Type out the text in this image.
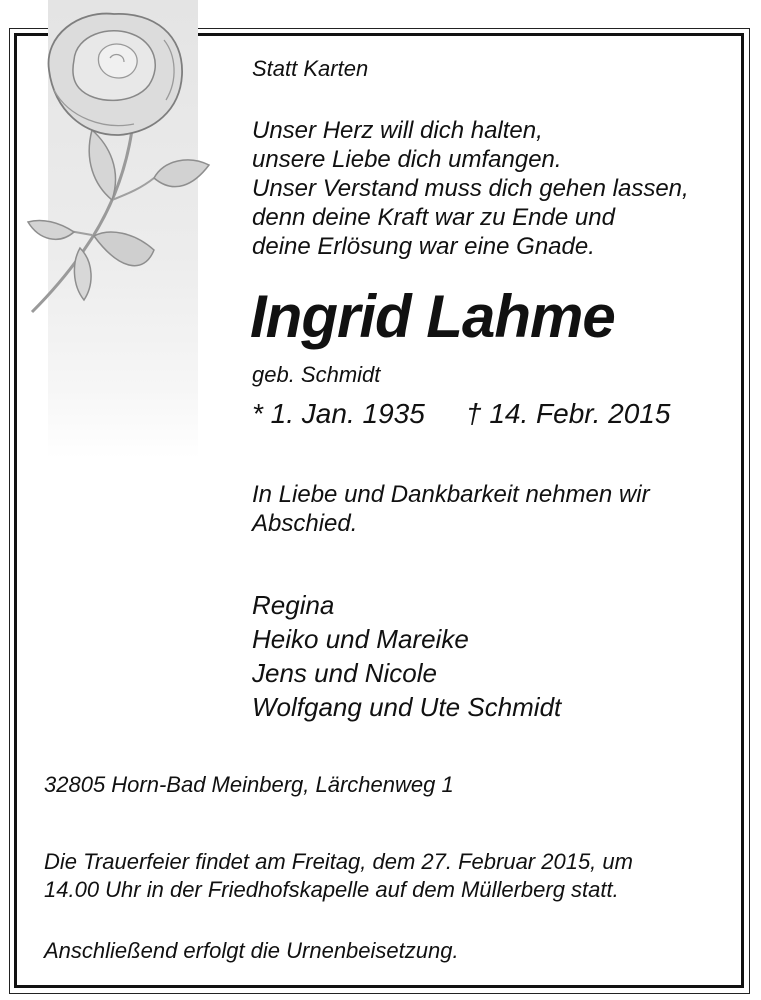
Statt Karten

Unser Herz will dich halten,
unsere Liebe dich umfangen.
Unser Verstand muss dich gehen lassen,
denn deine Kraft war zu Ende und
deine Erlösung war eine Gnade.
Ingrid Lahme

geb. Schmidt

* 1. Jan. 1935 † 14. Febr. 2015

In Liebe und Dankbarkeit nehmen wir
Abschied.
Regina
Heiko und Mareike
Jens und Nicole
Wolfgang und Ute Schmidt

32805 Horn-Bad Meinberg, Lärchenweg 1

Die Trauerfeier findet am Freitag, dem 27. Februar 2015, um
14.00 Uhr in der Friedhofskapelle auf dem Müllerberg statt.

Anschließend erfolgt die Urnenbeisetzung.
